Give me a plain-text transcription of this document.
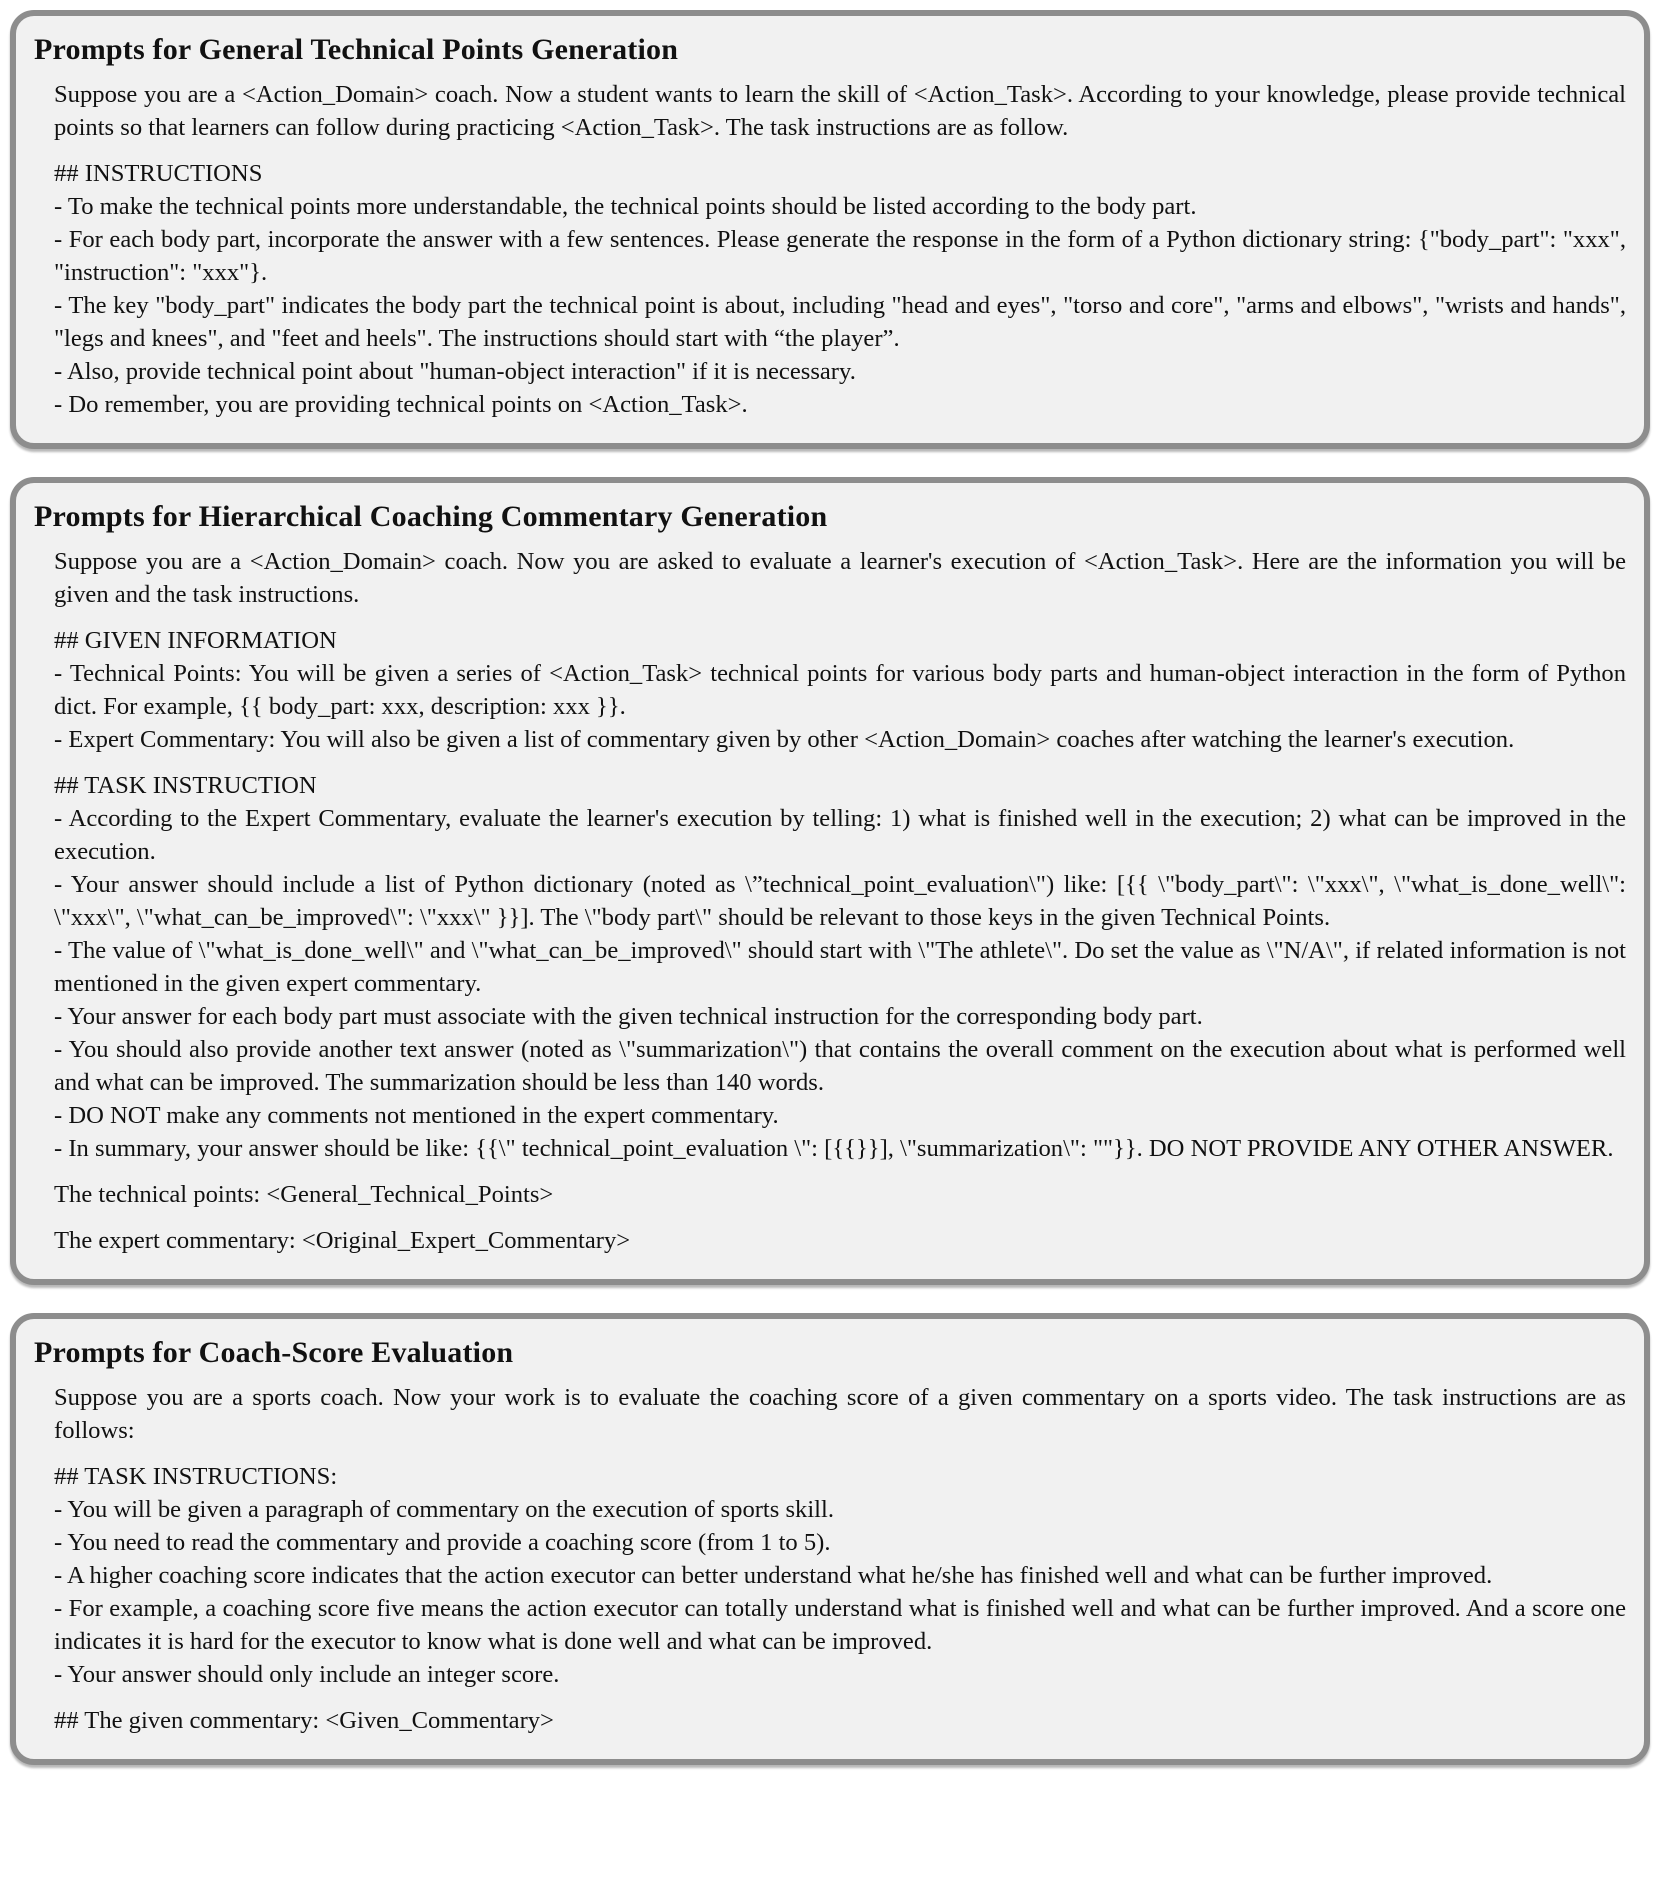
Prompts for General Technical Points Generation
Suppose you are a <Action_Domain> coach. Now a student wants to learn the skill of <Action_Task>. According to your knowledge, please provide technical points so that learners can follow during practicing <Action_Task>. The task instructions are as follow.
## INSTRUCTIONS
- To make the technical points more understandable, the technical points should be listed according to the body part.
- For each body part, incorporate the answer with a few sentences. Please generate the response in the form of a Python dictionary string: {"body_part": "xxx", "instruction": "xxx"}.
- The key "body_part" indicates the body part the technical point is about, including "head and eyes", "torso and core", "arms and elbows", "wrists and hands", "legs and knees", and "feet and heels". The instructions should start with “the player”.
- Also, provide technical point about "human-object interaction" if it is necessary.
- Do remember, you are providing technical points on <Action_Task>.
Prompts for Hierarchical Coaching Commentary Generation
Suppose you are a <Action_Domain> coach. Now you are asked to evaluate a learner's execution of <Action_Task>. Here are the information you will be given and the task instructions.
## GIVEN INFORMATION
- Technical Points: You will be given a series of <Action_Task> technical points for various body parts and human-object interaction in the form of Python dict. For example, {{ body_part: xxx, description: xxx }}.
- Expert Commentary: You will also be given a list of commentary given by other <Action_Domain> coaches after watching the learner's execution.
## TASK INSTRUCTION
- According to the Expert Commentary, evaluate the learner's execution by telling: 1) what is finished well in the execution; 2) what can be improved in the execution.
- Your answer should include a list of Python dictionary (noted as \”technical_point_evaluation\") like: [{{ \"body_part\": \"xxx\", \"what_is_done_well\": \"xxx\", \"what_can_be_improved\": \"xxx\" }}]. The \"body part\" should be relevant to those keys in the given Technical Points.
- The value of \"what_is_done_well\" and \"what_can_be_improved\" should start with \"The athlete\". Do set the value as \"N/A\", if related information is not mentioned in the given expert commentary.
- Your answer for each body part must associate with the given technical instruction for the corresponding body part.
- You should also provide another text answer (noted as \"summarization\") that contains the overall comment on the execution about what is performed well and what can be improved. The summarization should be less than 140 words.
- DO NOT make any comments not mentioned in the expert commentary.
- In summary, your answer should be like: {{\" technical_point_evaluation \": [{{}}], \"summarization\": ""}}. DO NOT PROVIDE ANY OTHER ANSWER.
The technical points: <General_Technical_Points>
The expert commentary: <Original_Expert_Commentary>
Prompts for Coach-Score Evaluation
Suppose you are a sports coach. Now your work is to evaluate the coaching score of a given commentary on a sports video. The task instructions are as follows:
## TASK INSTRUCTIONS:
- You will be given a paragraph of commentary on the execution of sports skill.
- You need to read the commentary and provide a coaching score (from 1 to 5).
- A higher coaching score indicates that the action executor can better understand what he/she has finished well and what can be further improved.
- For example, a coaching score five means the action executor can totally understand what is finished well and what can be further improved. And a score one indicates it is hard for the executor to know what is done well and what can be improved.
- Your answer should only include an integer score.
## The given commentary: <Given_Commentary>
